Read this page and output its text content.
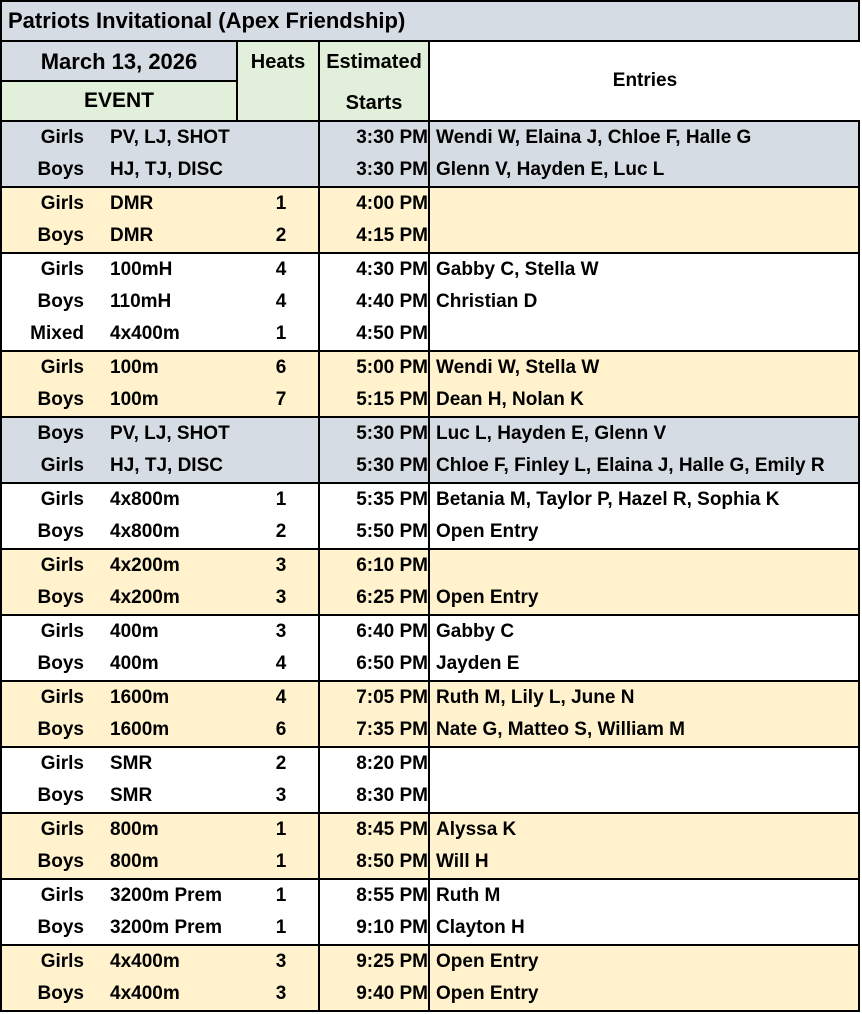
Patriots Invitational (Apex Friendship)
March 13, 2026
EVENT
Heats	Estimated
Starts
Entries
Girls PV, LJ, SHOT	3:30 PM Wendi W, Elaina J, Chloe F, Halle G
Boys HJ, TJ, DISC	3:30 PM Glenn V, Hayden E, Luc L
Girls DMR	1	4:00 PM
Boys DMR	2	4:15 PM
Girls 100mH	4	4:30 PM Gabby C, Stella W
Boys 110mH	4	4:40 PM Christian D
Mixed 4x400m	1	4:50 PM
Girls 100m	6	5:00 PM Wendi W, Stella W
Boys 100m	7	5:15 PM Dean H, Nolan K
Boys PV, LJ, SHOT	5:30 PM Luc L, Hayden E, Glenn V
Girls HJ, TJ, DISC	5:30 PM Chloe F, Finley L, Elaina J, Halle G, Emily R
Girls 4x800m	1	5:35 PM Betania M, Taylor P, Hazel R, Sophia K
Boys 4x800m	2	5:50 PM Open Entry
Girls 4x200m	3	6:10 PM
Boys 4x200m	3	6:25 PM Open Entry
Girls 400m	3	6:40 PM Gabby C
Boys 400m	4	6:50 PM Jayden E
Girls 1600m	4	7:05 PM Ruth M, Lily L, June N
Boys 1600m	6	7:35 PM Nate G, Matteo S, William M
Girls SMR	2	8:20 PM
Boys SMR	3	8:30 PM
Girls 800m	1	8:45 PM Alyssa K
Boys 800m	1	8:50 PM Will H
Girls 3200m Prem	1	8:55 PM Ruth M
Boys 3200m Prem	1	9:10 PM Clayton H
Girls 4x400m	3	9:25 PM Open Entry
Boys 4x400m	3	9:40 PM Open Entry
